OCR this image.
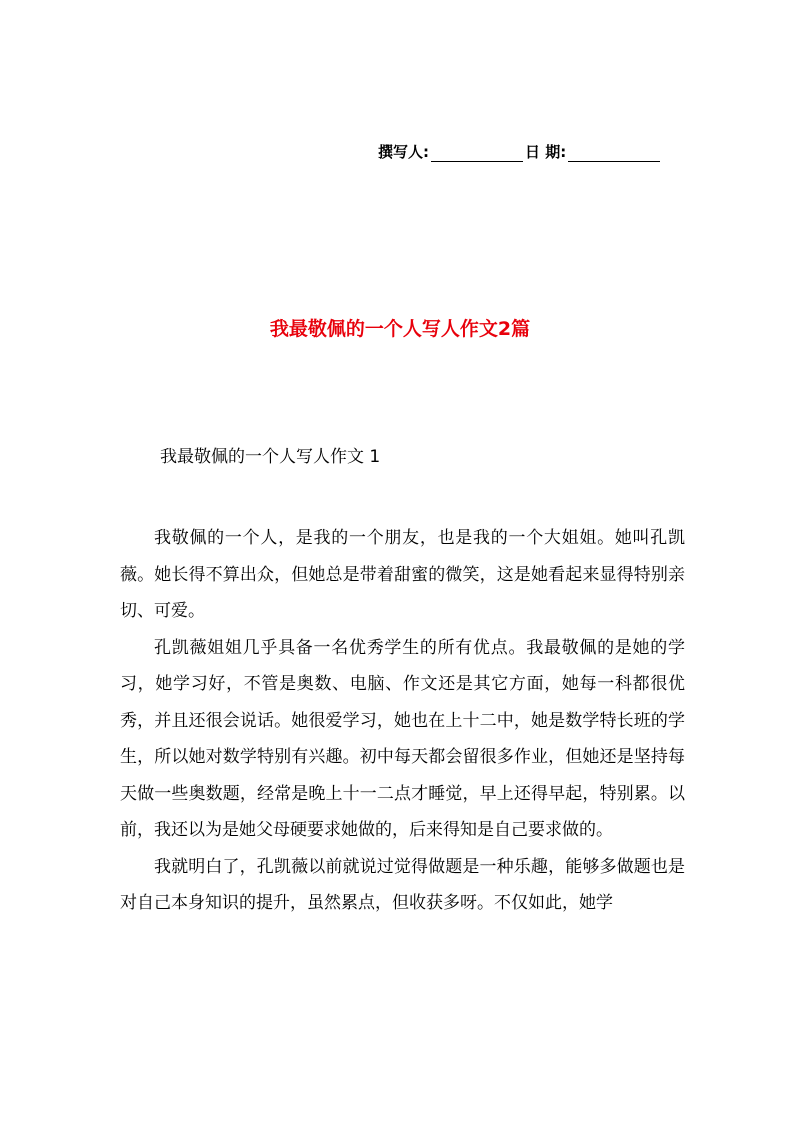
撰写人:	日 期:
我最敬佩的一个人写人作文2篇
我最敬佩的一个人写人作文 1

我敬佩的一个人，是我的一个朋友，也是我的一个大姐姐。她叫孔凯薇。她长得不算出众，但她总是带着甜蜜的微笑，这是她看起来显得特别亲切、可爱。

孔凯薇姐姐几乎具备一名优秀学生的所有优点。我最敬佩的是她的学习，她学习好，不管是奥数、电脑、作文还是其它方面，她每一科都很优秀，并且还很会说话。她很爱学习，她也在上十二中，她是数学特长班的学生，所以她对数学特别有兴趣。初中每天都会留很多作业，但她还是坚持每天做一些奥数题，经常是晚上十一二点才睡觉，早上还得早起，特别累。以前，我还以为是她父母硬要求她做的，后来得知是自己要求做的。

我就明白了，孔凯薇以前就说过觉得做题是一种乐趣，能够多做题也是对自己本身知识的提升，虽然累点，但收获多呀。不仅如此，她学
